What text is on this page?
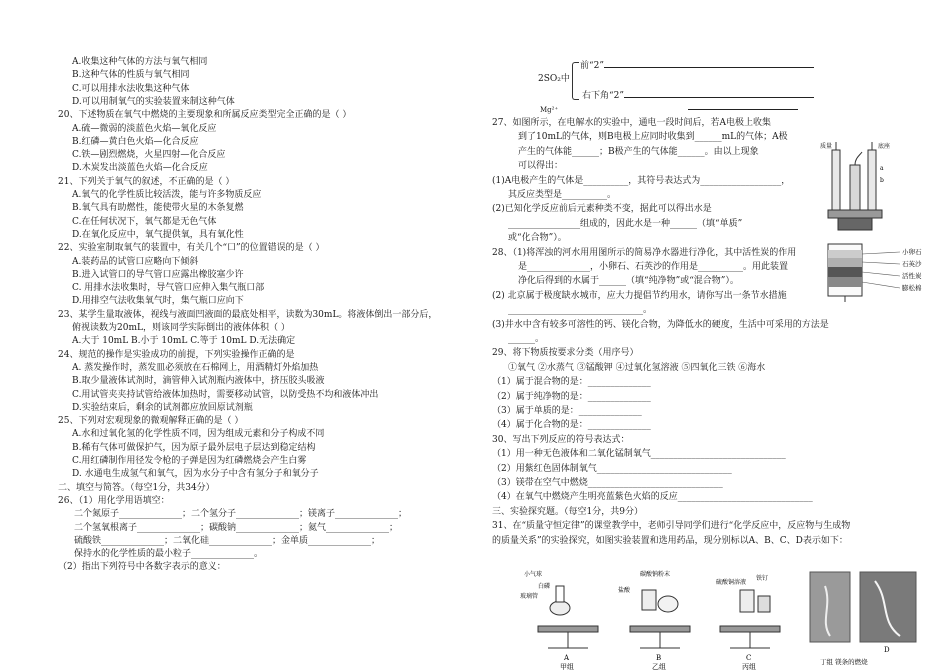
A.收集这种气体的方法与氧气相同
B.这种气体的性质与氧气相同
C.可以用排水法收集这种气体
D.可以用制氧气的实验装置来制这种气体
20、下述物质在氧气中燃烧的主要现象和所属反应类型完全正确的是（ ）
A.硫—微弱的淡蓝色火焰—氧化反应
B.红磷—黄白色火焰—化合反应
C.铁—剧烈燃烧，火星四射—化合反应
D.木炭发出淡蓝色火焰—化合反应
21、下列关于氧气的叙述，不正确的是（ ）
A.氧气的化学性质比较活泼，能与许多物质反应
B.氧气具有助燃性，能使带火星的木条复燃
C.在任何状况下，氧气都是无色气体
D.在氧化反应中，氧气提供氧，具有氧化性
22、实验室制取氧气的装置中，有关几个“口”的位置错误的是（ ）
A.装药品的试管口应略向下倾斜
B.进入试管口的导气管口应露出橡胶塞少许
C. 用排水法收集时，导气管口应伸入集气瓶口部
D.用排空气法收集氧气时，集气瓶口应向下
23、某学生量取液体，视线与液面凹液面的最底处相平，读数为30mL。将液体倒出一部分后，
俯视读数为20mL，则该同学实际倒出的液体体积（ ）
A.大于 10mL B.小于 10mL C.等于 10mL D.无法确定
24、规范的操作是实验成功的前提，下列实验操作正确的是
A. 蒸发操作时，蒸发皿必须放在石棉网上，用酒精灯外焰加热
B.取少量液体试剂时，滴管伸入试剂瓶内液体中，挤压胶头吸液
C.用试管夹夹持试管给液体加热时，需要移动试管，以防受热不均和液体冲出
D.实验结束后，剩余的试剂都应放回原试剂瓶
25、下列对宏观现象的微观解释正确的是（ ）
A.水和过氧化氢的化学性质不同，因为组成元素和分子构成不同
B.稀有气体可做保护气，因为原子最外层电子层达到稳定结构
C.用红磷制作用径发令枪的子弹是因为红磷燃烧会产生白雾
D. 水通电生成氢气和氧气，因为水分子中含有氢分子和氧分子
二、填空与简答。（每空1分，共34分）
26、（1）用化学用语填空：
二个氮原子______________；二个氢分子______________；镁离子______________；
二个氢氧根离子______________；碳酸钠______________；氦气______________；
硫酸铁______________；二氧化硅______________；金单质______________；
保持水的化学性质的最小粒子______________。
（2）指出下列符号中各数字表示的意义：
前“2”
2SO₂中
右下角“2”
Mg²⁺
27、如图所示，在电解水的实验中，通电一段时间后，若A电极上收集
到了10mL的气体，则B电极上应同时收集到______mL的气体；A极
产生的气体能______；B极产生的气体能______。由以上现象
可以得出：
(1)A电极产生的气体是__________，其符号表达式为__________________，
其反应类型是__________。
(2)已知化学反应前后元素种类不变，据此可以得出水是
________________组成的，因此水是一种______（填“单质”
或“化合物”）。
28、（1)将浑浊的河水用用图所示的简易净水器进行净化，其中活性炭的作用
是______________，小卵石、石英沙的作用是__________。用此装置
净化后得到的水属于______（填“纯净物”或“混合物”）。
(2) 北京属于极度缺水城市，应大力提倡节约用水，请你写出一条节水措施
______________________________。
(3)井水中含有较多可溶性的钙、镁化合物，为降低水的硬度，生活中可采用的方法是
______。
29、将下物质按要求分类（用序号）
①氧气 ②水蒸气 ③锰酸钾 ④过氧化氢溶液 ⑤四氧化三铁 ⑥海水
（1）属于混合物的是：______________
（2）属于纯净物的是：______________
（3）属于单质的是：______________
（4）属于化合物的是：______________
30、写出下列反应的符号表达式：
（1）用一种无色液体和二氧化锰制氧气______________________________
（2）用紫红色固体制氧气______________________________
（3）镁带在空气中燃烧______________________________
（4）在氧气中燃烧产生明亮蓝紫色火焰的反应______________________________
三、实验探究题。（每空1分，共9分）
31、在“质量守恒定律”的课堂教学中，老师引导同学们进行“化学反应中，反应物与生成物
的质量关系”的实验探究，如图实验装置和选用药品，现分别标以A、B、C、D表示如下：
质量	底座
a
b
小卵石
石英沙
活性炭
膨松棉
小气球
白磷
玻璃管
A
甲组
碳酸钠粉末
盐酸
B
乙组
硫酸铜溶液
铁钉
C
丙组
D
丁组 镁条的燃烧
